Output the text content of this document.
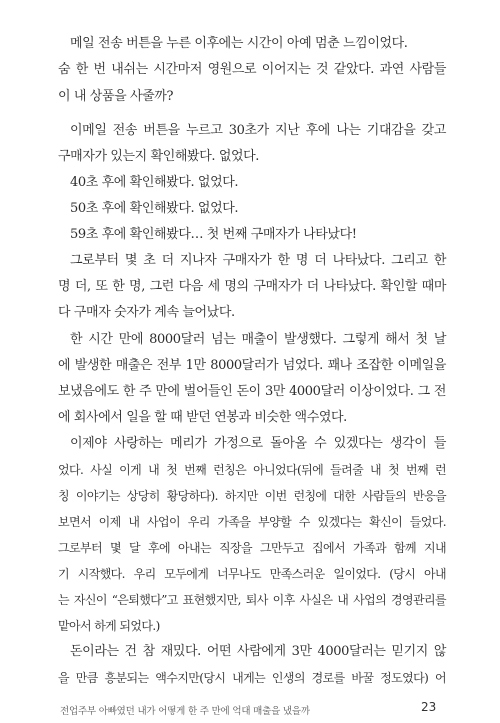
메일 전송 버튼을 누른 이후에는 시간이 아예 멈춘 느낌이었다.
숨 한 번 내쉬는 시간마저 영원으로 이어지는 것 같았다. 과연 사람들
이 내 상품을 사줄까?
이메일 전송 버튼을 누르고 30초가 지난 후에 나는 기대감을 갖고
구매자가 있는지 확인해봤다. 없었다.
40초 후에 확인해봤다. 없었다.
50초 후에 확인해봤다. 없었다.
59초 후에 확인해봤다… 첫 번째 구매자가 나타났다!
그로부터 몇 초 더 지나자 구매자가 한 명 더 나타났다. 그리고 한
명 더, 또 한 명, 그런 다음 세 명의 구매자가 더 나타났다. 확인할 때마
다 구매자 숫자가 계속 늘어났다.
한 시간 만에 8000달러 넘는 매출이 발생했다. 그렇게 해서 첫 날
에 발생한 매출은 전부 1만 8000달러가 넘었다. 꽤나 조잡한 이메일을
보냈음에도 한 주 만에 벌어들인 돈이 3만 4000달러 이상이었다. 그 전
에 회사에서 일을 할 때 받던 연봉과 비슷한 액수였다.
이제야 사랑하는 메리가 가정으로 돌아올 수 있겠다는 생각이 들
었다. 사실 이게 내 첫 번째 런칭은 아니었다(뒤에 들려줄 내 첫 번째 런
칭 이야기는 상당히 황당하다). 하지만 이번 런칭에 대한 사람들의 반응을
보면서 이제 내 사업이 우리 가족을 부양할 수 있겠다는 확신이 들었다.
그로부터 몇 달 후에 아내는 직장을 그만두고 집에서 가족과 함께 지내
기 시작했다. 우리 모두에게 너무나도 만족스러운 일이었다. (당시 아내
는 자신이 “은퇴했다”고 표현했지만, 퇴사 이후 사실은 내 사업의 경영관리를
맡아서 하게 되었다.)
돈이라는 건 참 재밌다. 어떤 사람에게 3만 4000달러는 믿기지 않
을 만큼 흥분되는 액수지만(당시 내게는 인생의 경로를 바꿀 정도였다) 어
전업주부 아빠였던 내가 어떻게 한 주 만에 억대 매출을 냈을까	23
